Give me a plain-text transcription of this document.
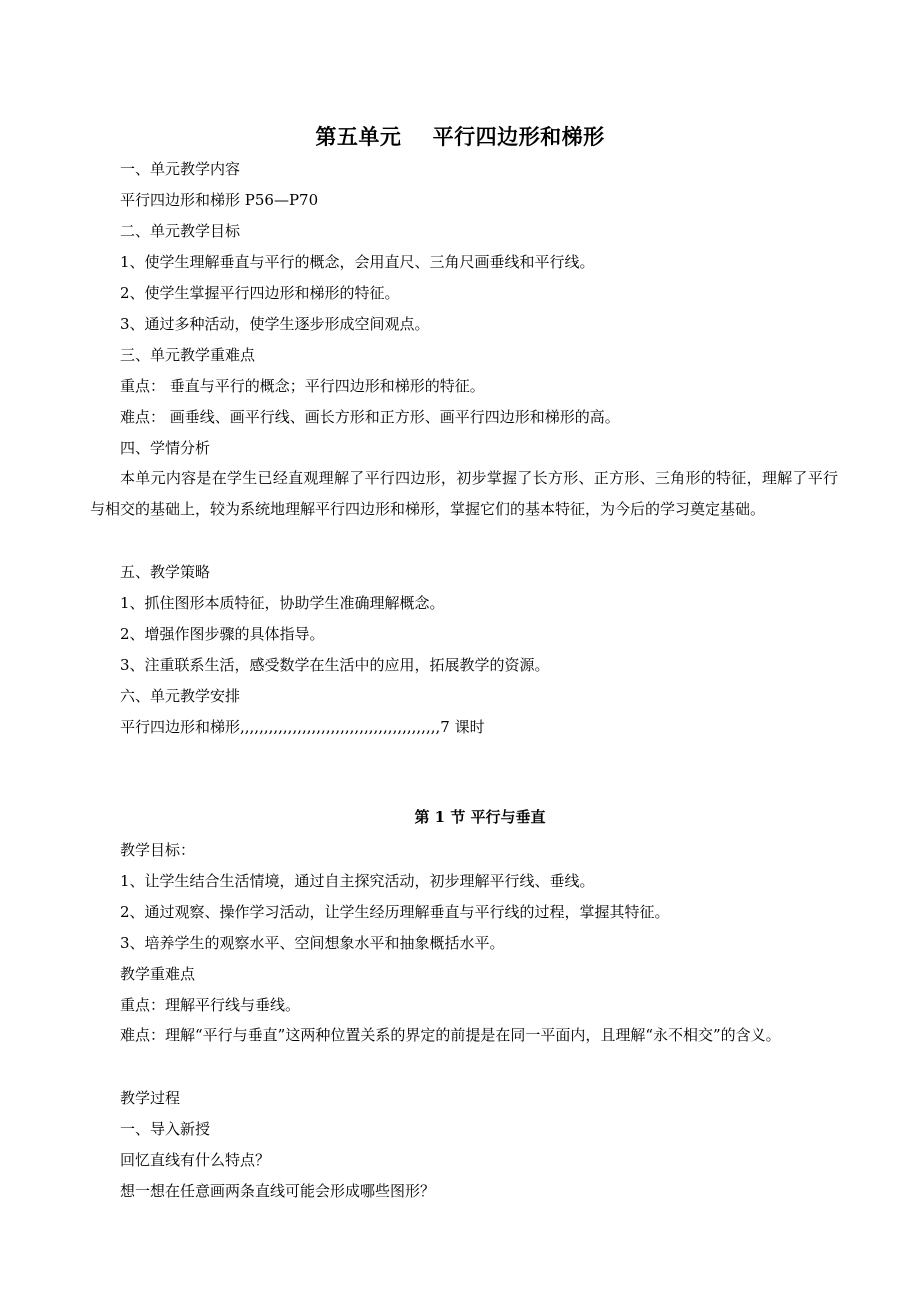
第五单元    平行四边形和梯形
一、单元教学内容
平行四边形和梯形 P56—P70
二、单元教学目标
1、使学生理解垂直与平行的概念，会用直尺、三角尺画垂线和平行线。
2、使学生掌握平行四边形和梯形的特征。
3、通过多种活动，使学生逐步形成空间观点。
三、单元教学重难点
重点： 垂直与平行的概念；平行四边形和梯形的特征。
难点： 画垂线、画平行线、画长方形和正方形、画平行四边形和梯形的高。
四、学情分析
本单元内容是在学生已经直观理解了平行四边形，初步掌握了长方形、正方形、三角形的特征，理解了平行与相交的基础上，较为系统地理解平行四边形和梯形，掌握它们的基本特征，为今后的学习奠定基础。
五、教学策略
1、抓住图形本质特征，协助学生准确理解概念。
2、增强作图步骤的具体指导。
3、注重联系生活，感受数学在生活中的应用，拓展教学的资源。
六、单元教学安排
平行四边形和梯形,,,,,,,,,,,,,,,,,,,,,,,,,,,,,,,,,,,,,,,,,,7 课时
第 1 节 平行与垂直
教学目标：
1、让学生结合生活情境，通过自主探究活动，初步理解平行线、垂线。
2、通过观察、操作学习活动，让学生经历理解垂直与平行线的过程，掌握其特征。
3、培养学生的观察水平、空间想象水平和抽象概括水平。
教学重难点
重点：理解平行线与垂线。
难点：理解“平行与垂直”这两种位置关系的界定的前提是在同一平面内，且理解“永不相交”的含义。
教学过程
一、导入新授
回忆直线有什么特点？
想一想在任意画两条直线可能会形成哪些图形？
